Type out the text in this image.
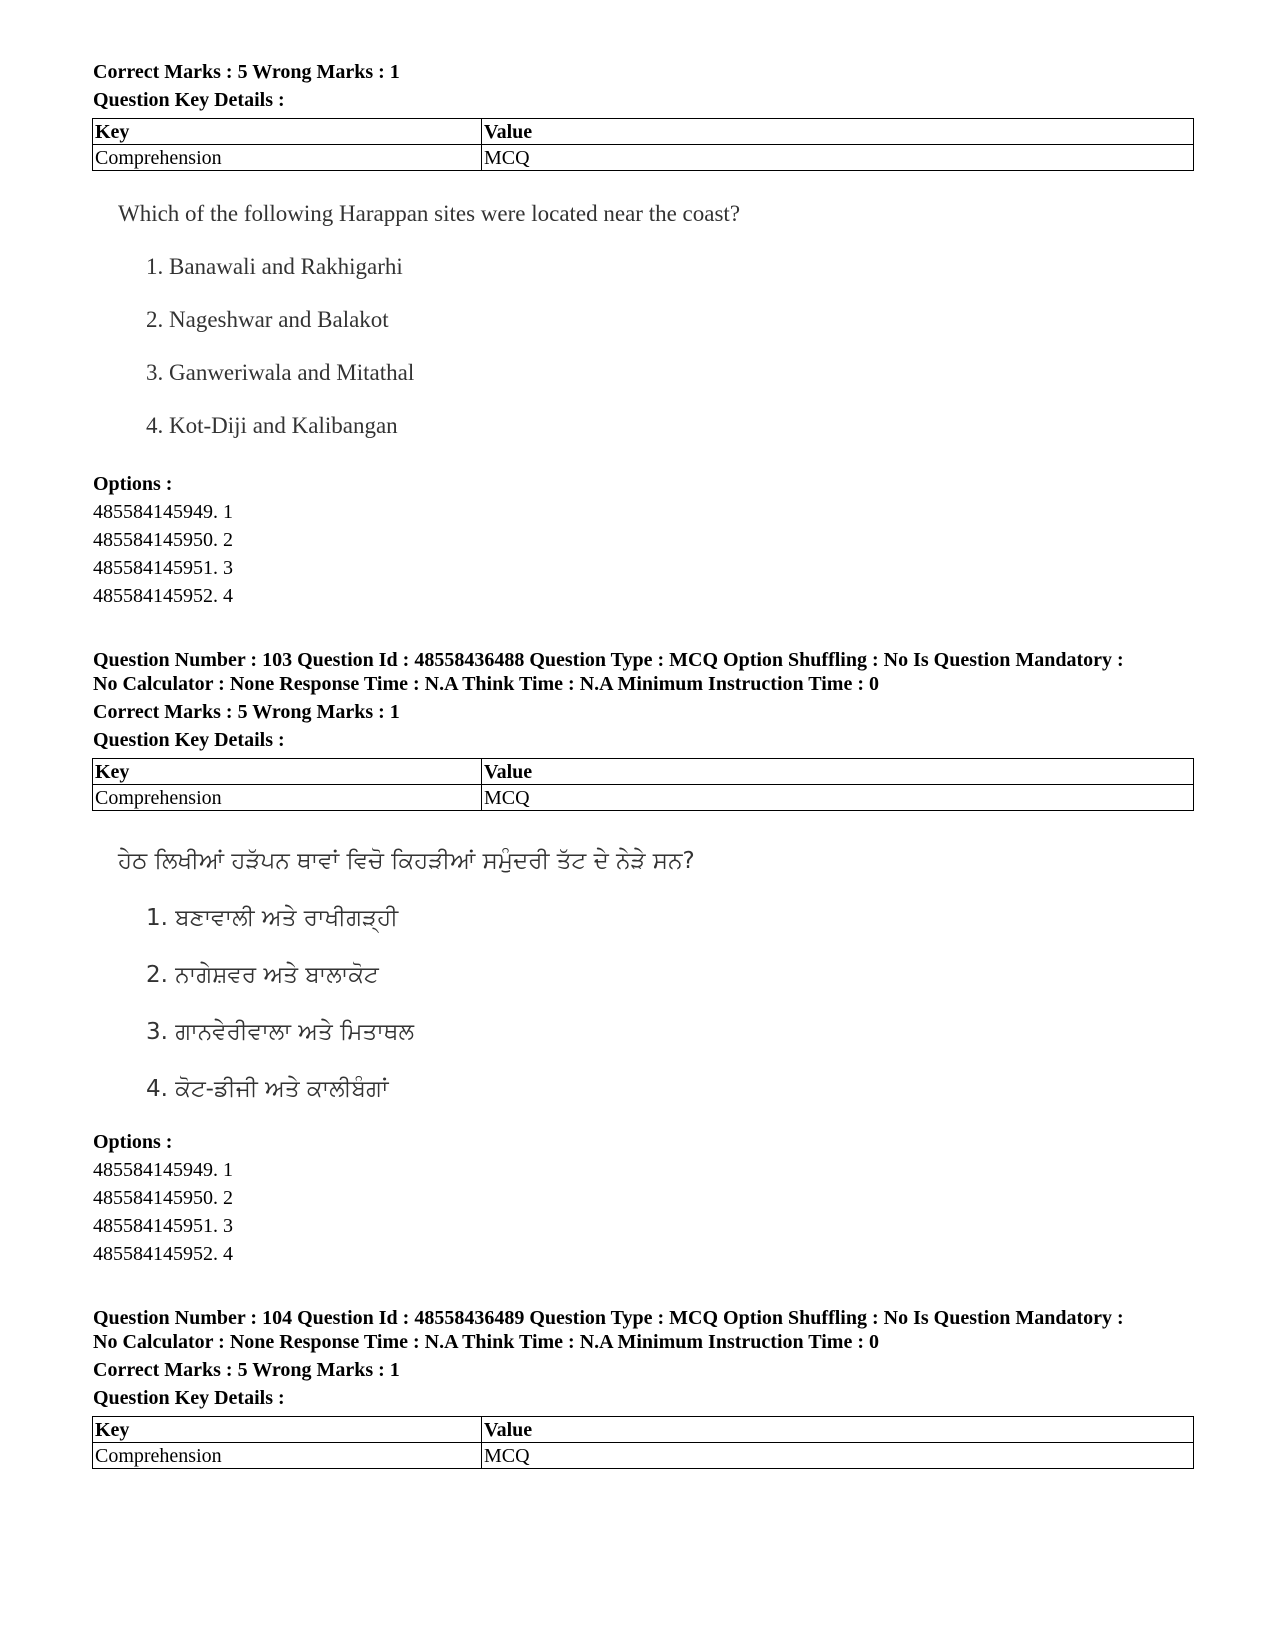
Correct Marks : 5 Wrong Marks : 1
Question Key Details :
Key	Value
Comprehension	MCQ
Which of the following Harappan sites were located near the coast?
1. Banawali and Rakhigarhi
2. Nageshwar and Balakot
3. Ganweriwala and Mitathal
4. Kot-Diji and Kalibangan
Options :
485584145949. 1
485584145950. 2
485584145951. 3
485584145952. 4
Question Number : 103 Question Id : 48558436488 Question Type : MCQ Option Shuffling : No Is Question Mandatory :
No Calculator : None Response Time : N.A Think Time : N.A Minimum Instruction Time : 0
Correct Marks : 5 Wrong Marks : 1
Question Key Details :
Key	Value
Comprehension	MCQ
ਹੇਠ ਲਿਖੀਆਂ ਹੜੱਪਨ ਥਾਵਾਂ ਵਿਚੋ ਕਿਹੜੀਆਂ ਸਮੁੰਦਰੀ ਤੱਟ ਦੇ ਨੇੜੇ ਸਨ?
1. ਬਣਾਵਾਲੀ ਅਤੇ ਰਾਖੀਗੜ੍ਹੀ
2. ਨਾਗੇਸ਼ਵਰ ਅਤੇ ਬਾਲਾਕੋਟ
3. ਗਾਨਵੇਰੀਵਾਲਾ ਅਤੇ ਮਿਤਾਥਲ
4. ਕੋਟ-ਡੀਜੀ ਅਤੇ ਕਾਲੀਬੰਗਾਂ
Options :
485584145949. 1
485584145950. 2
485584145951. 3
485584145952. 4
Question Number : 104 Question Id : 48558436489 Question Type : MCQ Option Shuffling : No Is Question Mandatory :
No Calculator : None Response Time : N.A Think Time : N.A Minimum Instruction Time : 0
Correct Marks : 5 Wrong Marks : 1
Question Key Details :
Key	Value
Comprehension	MCQ
